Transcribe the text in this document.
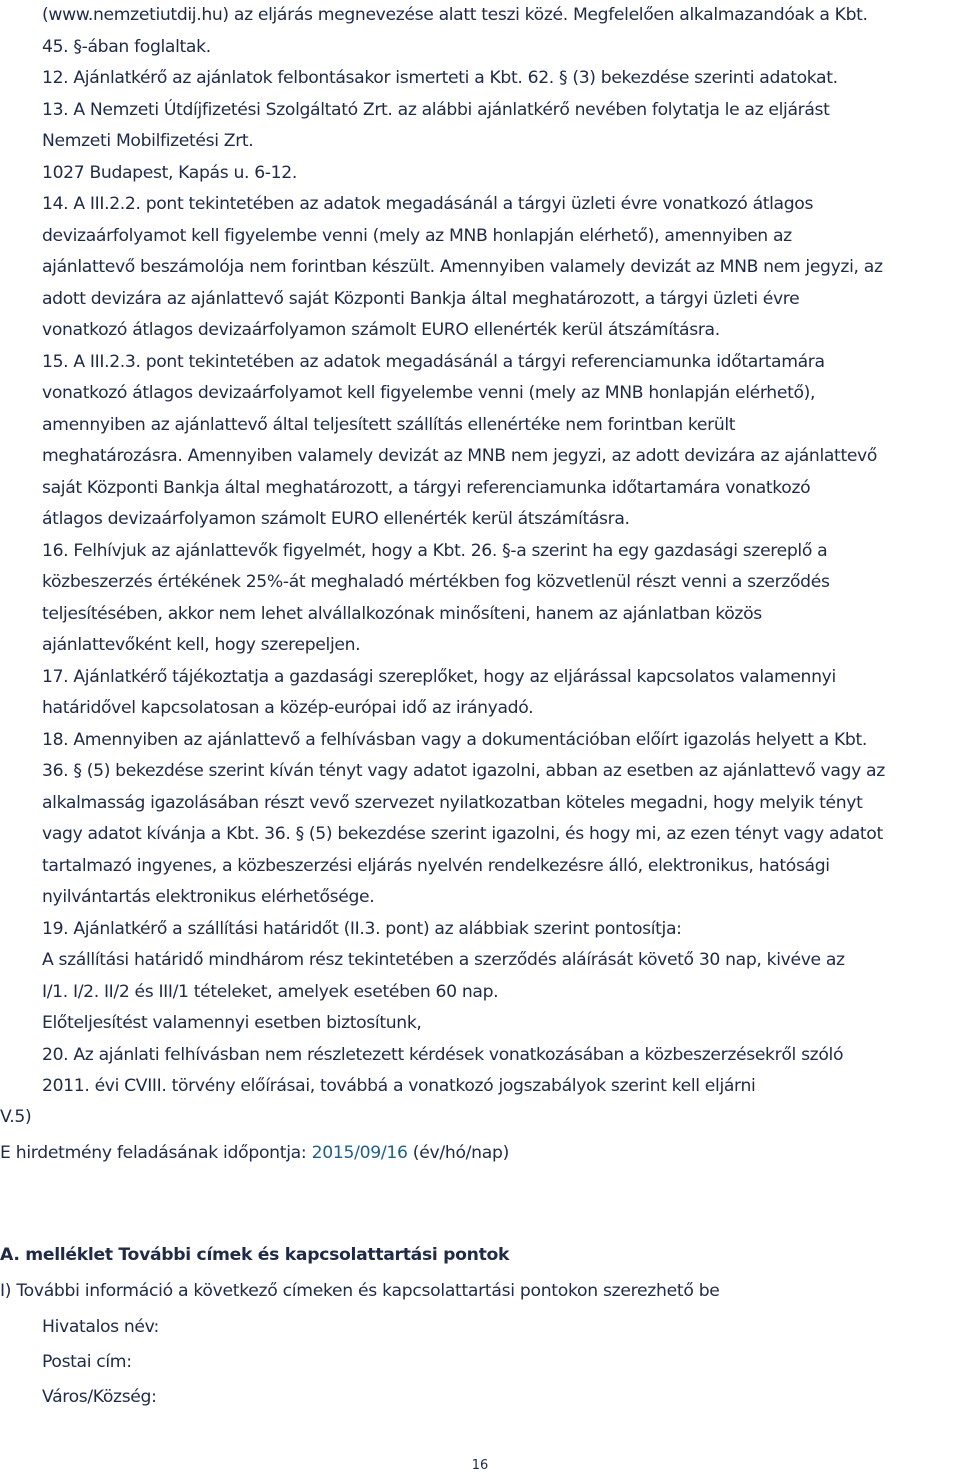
(www.nemzetiutdij.hu) az eljárás megnevezése alatt teszi közé. Megfelelően alkalmazandóak a Kbt.
45. §-ában foglaltak.
12. Ajánlatkérő az ajánlatok felbontásakor ismerteti a Kbt. 62. § (3) bekezdése szerinti adatokat.
13. A Nemzeti Útdíjfizetési Szolgáltató Zrt. az alábbi ajánlatkérő nevében folytatja le az eljárást
Nemzeti Mobilfizetési Zrt.
1027 Budapest, Kapás u. 6-12.
14. A III.2.2. pont tekintetében az adatok megadásánál a tárgyi üzleti évre vonatkozó átlagos
devizaárfolyamot kell figyelembe venni (mely az MNB honlapján elérhető), amennyiben az
ajánlattevő beszámolója nem forintban készült. Amennyiben valamely devizát az MNB nem jegyzi, az
adott devizára az ajánlattevő saját Központi Bankja által meghatározott, a tárgyi üzleti évre
vonatkozó átlagos devizaárfolyamon számolt EURO ellenérték kerül átszámításra.
15. A III.2.3. pont tekintetében az adatok megadásánál a tárgyi referenciamunka időtartamára
vonatkozó átlagos devizaárfolyamot kell figyelembe venni (mely az MNB honlapján elérhető),
amennyiben az ajánlattevő által teljesített szállítás ellenértéke nem forintban került
meghatározásra. Amennyiben valamely devizát az MNB nem jegyzi, az adott devizára az ajánlattevő
saját Központi Bankja által meghatározott, a tárgyi referenciamunka időtartamára vonatkozó
átlagos devizaárfolyamon számolt EURO ellenérték kerül átszámításra.
16. Felhívjuk az ajánlattevők figyelmét, hogy a Kbt. 26. §-a szerint ha egy gazdasági szereplő a
közbeszerzés értékének 25%-át meghaladó mértékben fog közvetlenül részt venni a szerződés
teljesítésében, akkor nem lehet alvállalkozónak minősíteni, hanem az ajánlatban közös
ajánlattevőként kell, hogy szerepeljen.
17. Ajánlatkérő tájékoztatja a gazdasági szereplőket, hogy az eljárással kapcsolatos valamennyi
határidővel kapcsolatosan a közép-európai idő az irányadó.
18. Amennyiben az ajánlattevő a felhívásban vagy a dokumentációban előírt igazolás helyett a Kbt.
36. § (5) bekezdése szerint kíván tényt vagy adatot igazolni, abban az esetben az ajánlattevő vagy az
alkalmasság igazolásában részt vevő szervezet nyilatkozatban köteles megadni, hogy melyik tényt
vagy adatot kívánja a Kbt. 36. § (5) bekezdése szerint igazolni, és hogy mi, az ezen tényt vagy adatot
tartalmazó ingyenes, a közbeszerzési eljárás nyelvén rendelkezésre álló, elektronikus, hatósági
nyilvántartás elektronikus elérhetősége.
19. Ajánlatkérő a szállítási határidőt (II.3. pont) az alábbiak szerint pontosítja:
A szállítási határidő mindhárom rész tekintetében a szerződés aláírását követő 30 nap, kivéve az
I/1. I/2. II/2 és III/1 tételeket, amelyek esetében 60 nap.
Előteljesítést valamennyi esetben biztosítunk,
20. Az ajánlati felhívásban nem részletezett kérdések vonatkozásában a közbeszerzésekről szóló
2011. évi CVIII. törvény előírásai, továbbá a vonatkozó jogszabályok szerint kell eljárni
V.5)
E hirdetmény feladásának időpontja: 2015/09/16 (év/hó/nap)
A. melléklet További címek és kapcsolattartási pontok
I) További információ a következő címeken és kapcsolattartási pontokon szerezhető be
Hivatalos név:
Postai cím:
Város/Község:
16
